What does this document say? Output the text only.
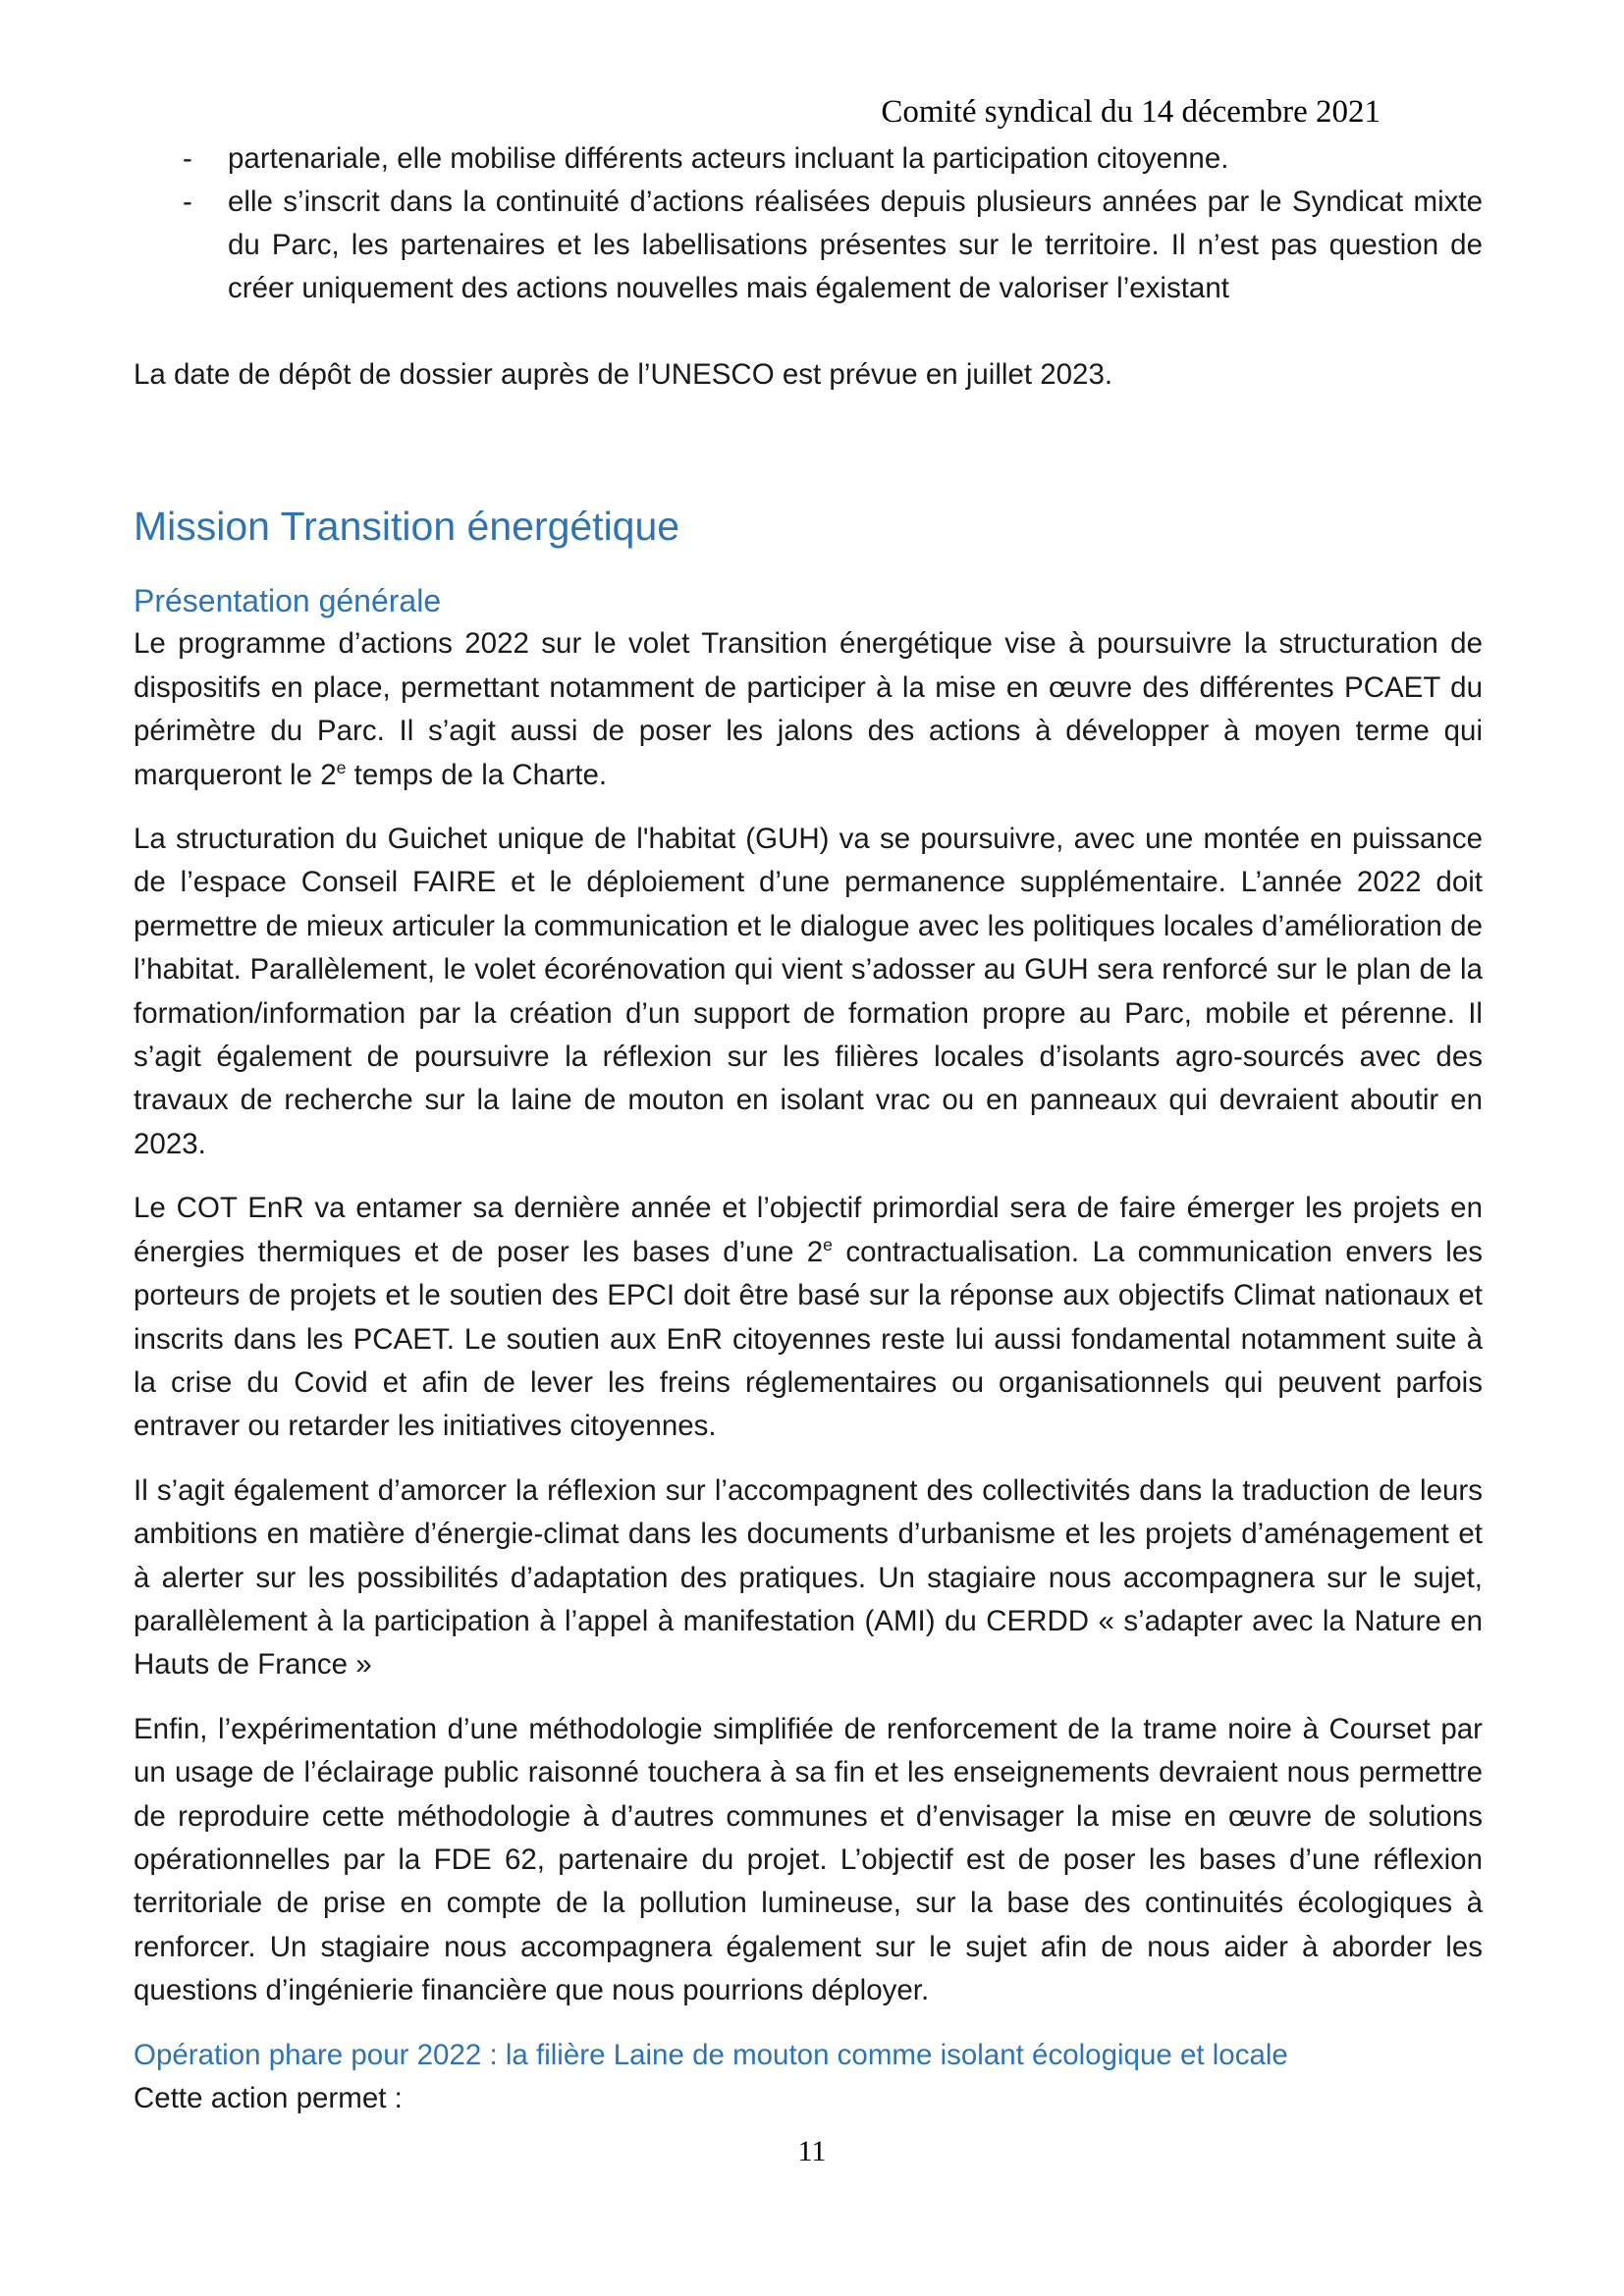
Comité syndical du 14 décembre 2021
- partenariale, elle mobilise différents acteurs incluant la participation citoyenne.
- elle s’inscrit dans la continuité d’actions réalisées depuis plusieurs années par le Syndicat mixte du Parc, les partenaires et les labellisations présentes sur le territoire. Il n’est pas question de créer uniquement des actions nouvelles mais également de valoriser l’existant

La date de dépôt de dossier auprès de l’UNESCO est prévue en juillet 2023.

Mission Transition énergétique
Présentation générale

Le programme d’actions 2022 sur le volet Transition énergétique vise à poursuivre la structuration de dispositifs en place, permettant notamment de participer à la mise en œuvre des différentes PCAET du périmètre du Parc. Il s’agit aussi de poser les jalons des actions à développer à moyen terme qui marqueront le 2e temps de la Charte.

La structuration du Guichet unique de l'habitat (GUH) va se poursuivre, avec une montée en puissance de l’espace Conseil FAIRE et le déploiement d’une permanence supplémentaire. L’année 2022 doit permettre de mieux articuler la communication et le dialogue avec les politiques locales d’amélioration de l’habitat. Parallèlement, le volet écorénovation qui vient s’adosser au GUH sera renforcé sur le plan de la formation/information par la création d’un support de formation propre au Parc, mobile et pérenne. Il s’agit également de poursuivre la réflexion sur les filières locales d’isolants agro-sourcés avec des travaux de recherche sur la laine de mouton en isolant vrac ou en panneaux qui devraient aboutir en 2023.

Le COT EnR va entamer sa dernière année et l’objectif primordial sera de faire émerger les projets en énergies thermiques et de poser les bases d’une 2e contractualisation. La communication envers les porteurs de projets et le soutien des EPCI doit être basé sur la réponse aux objectifs Climat nationaux et inscrits dans les PCAET. Le soutien aux EnR citoyennes reste lui aussi fondamental notamment suite à la crise du Covid et afin de lever les freins réglementaires ou organisationnels qui peuvent parfois entraver ou retarder les initiatives citoyennes.

Il s’agit également d’amorcer la réflexion sur l’accompagnent des collectivités dans la traduction de leurs ambitions en matière d’énergie-climat dans les documents d’urbanisme et les projets d’aménagement et à alerter sur les possibilités d’adaptation des pratiques. Un stagiaire nous accompagnera sur le sujet, parallèlement à la participation à l’appel à manifestation (AMI) du CERDD « s’adapter avec la Nature en Hauts de France »

Enfin, l’expérimentation d’une méthodologie simplifiée de renforcement de la trame noire à Courset par un usage de l’éclairage public raisonné touchera à sa fin et les enseignements devraient nous permettre de reproduire cette méthodologie à d’autres communes et d’envisager la mise en œuvre de solutions opérationnelles par la FDE 62, partenaire du projet. L’objectif est de poser les bases d’une réflexion territoriale de prise en compte de la pollution lumineuse, sur la base des continuités écologiques à renforcer. Un stagiaire nous accompagnera également sur le sujet afin de nous aider à aborder les questions d’ingénierie financière que nous pourrions déployer.

Opération phare pour 2022 : la filière Laine de mouton comme isolant écologique et locale

Cette action permet :

11
